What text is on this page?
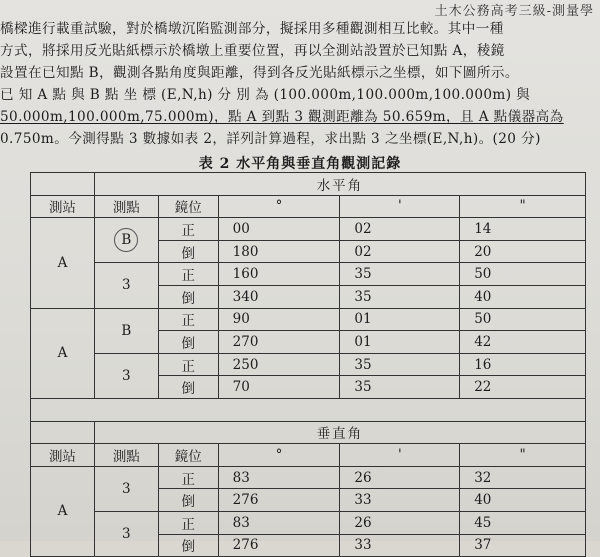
土木公務高考三級-測量學
橋樑進行載重試驗，對於橋墩沉陷監測部分，擬採用多種觀測相互比較。其中一種
方式，將採用反光貼紙標示於橋墩上重要位置，再以全測站設置於已知點 A，稜鏡
設置在已知點 B，觀測各點角度與距離，得到各反光貼紙標示之坐標，如下圖所示。
已 知 A 點 與 B 點 坐 標 (E,N,h) 分 別 為 (100.000m,100.000m,100.000m) 與
50.000m,100.000m,75.000m)，點 A 到點 3 觀測距離為 50.659m，且 A 點儀器高為
0.750m。今測得點 3 數據如表 2，詳列計算過程，求出點 3 之坐標(E,N,h)。(20 分)
表 2 水平角與垂直角觀測記錄
	水平角				
測站	測點	鏡位	°	'	"
A	B	正	00	02	14
		倒	180	02	20
	3	正	160	35	50
		倒	340	35	40
A	B	正	90	01	50
		倒	270	01	42
	3	正	250	35	16
		倒	70	35	22

	垂直角				
測站	測點	鏡位	°	'	"
A	3	正	83	26	32
		倒	276	33	40
	3	正	83	26	45
		倒	276	33	37
